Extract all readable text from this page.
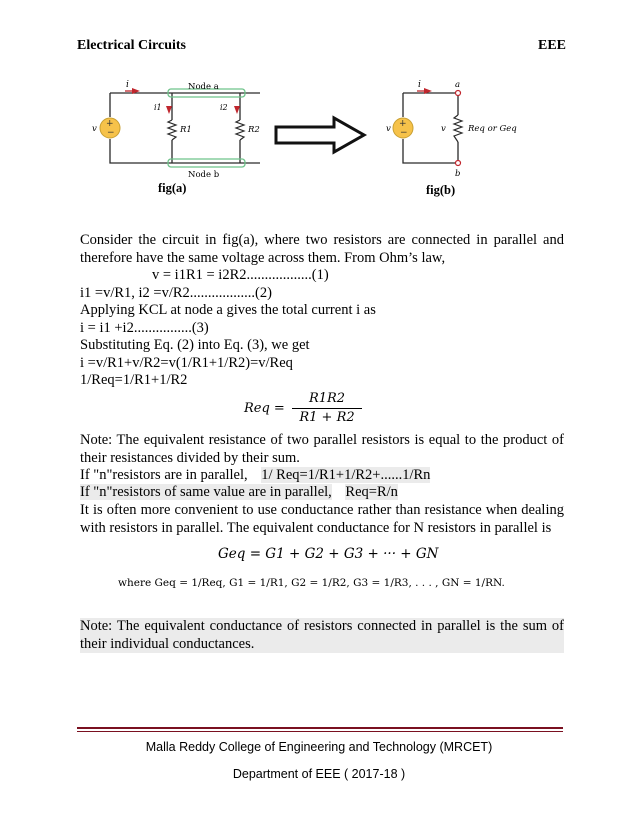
Electrical Circuits	EEE
+
−
i	Node a
Node b
i1	i2
R1	R2
v
fig(a)
+
−
i	a
b
v	v	Req or Geq
fig(b)
Consider the circuit in fig(a), where two resistors are connected in parallel and therefore have the same voltage across them. From Ohm’s law,
v = i1R1 = i2R2..................(1)
i1 =v/R1, i2 =v/R2..................(2)
Applying KCL at node a gives the total current i as
i = i1 +i2................(3)
Substituting Eq. (2) into Eq. (3), we get
i =v/R1+v/R2=v(1/R1+1/R2)=v/Req
1/Req=1/R1+1/R2
Req =
R1R2
R1 + R2
Note: The equivalent resistance of two parallel resistors is equal to the product of their resistances divided by their sum.
If "n"resistors are in parallel, 1/ Req=1/R1+1/R2+......1/Rn
If "n"resistors of same value are in parallel, Req=R/n
It is often more convenient to use conductance rather than resistance when dealing with resistors in parallel. The equivalent conductance for N resistors in parallel is
Geq = G1 + G2 + G3 + ··· + GN
where Geq = 1/Req, G1 = 1/R1, G2 = 1/R2, G3 = 1/R3, . . . , GN = 1/RN.
Note: The equivalent conductance of resistors connected in parallel is the sum of their individual conductances.
Malla Reddy College of Engineering and Technology (MRCET)
Department of EEE ( 2017-18 )
